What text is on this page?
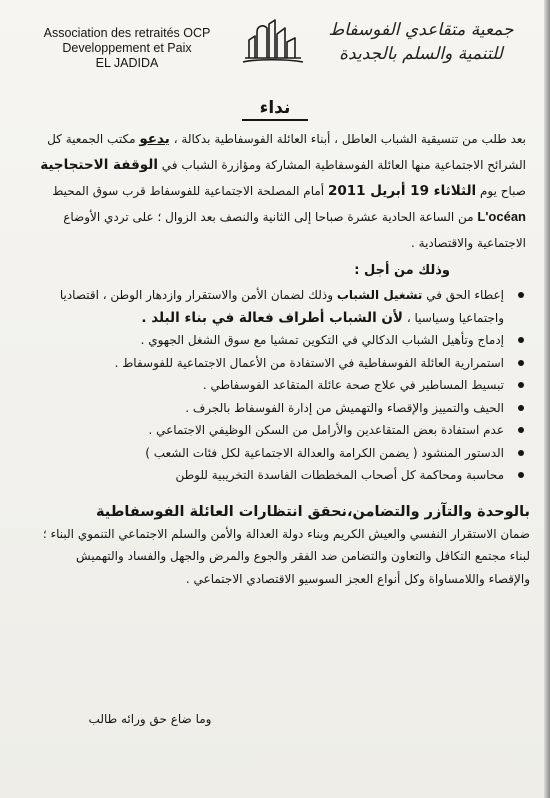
Association des retraités OCP
Developpement et Paix
EL JADIDA
جمعية متقاعدي الفوسفاط
للتنمية والسلم بالجديدة
نداء

بعد طلب من تنسيقية الشباب العاطل ، أبناء العائلة الفوسفاطية بدكالة ، يدعو مكتب الجمعية كل الشرائح الاجتماعية منها العائلة الفوسفاطية المشاركة ومؤازرة الشباب في الوقفة الاحتجاجية صباح يوم الثلاثاء 19 أبريل 2011 أمام المصلحة الاجتماعية للفوسفاط قرب سوق المحيط L'océan من الساعة الحادية عشرة صباحا إلى الثانية والنصف بعد الزوال ؛ على تردي الأوضاع الاجتماعية والاقتصادية .

وذلك من أجل :
إعطاء الحق في تشغيل الشباب وذلك لضمان الأمن والاستقرار وازدهار الوطن ، اقتصاديا واجتماعيا وسياسيا ، لأن الشباب أطراف فعالة في بناء البلد .
إدماج وتأهيل الشباب الدكالي في التكوين تمشيا مع سوق الشغل الجهوي .
استمرارية العائلة الفوسفاطية في الاستفادة من الأعمال الاجتماعية للفوسفاط .
تبسيط المساطير في علاج صحة عائلة المتقاعد الفوسفاطي .
الحيف والتمييز والإقصاء والتهميش من إدارة الفوسفاط بالجرف .
عدم استفادة بعض المتقاعدين والأرامل من السكن الوظيفي الاجتماعي .
الدستور المنشود ( يضمن الكرامة والعدالة الاجتماعية لكل فئات الشعب )
محاسبة ومحاكمة كل أصحاب المخططات الفاسدة التخريبية للوطن
بالوحدة والتآزر والتضامن،نحقق انتظارات العائلة الفوسفاطية

ضمان الاستقرار النفسي والعيش الكريم وبناء دولة العدالة والأمن والسلم الاجتماعي التنموي البناء ؛ لبناء مجتمع التكافل والتعاون والتضامن ضد الفقر والجوع والمرض والجهل والفساد والتهميش والإقصاء واللامساواة وكل أنواع العجز السوسيو الاقتصادي الاجتماعي .

وما ضاع حق ورائه طالب
